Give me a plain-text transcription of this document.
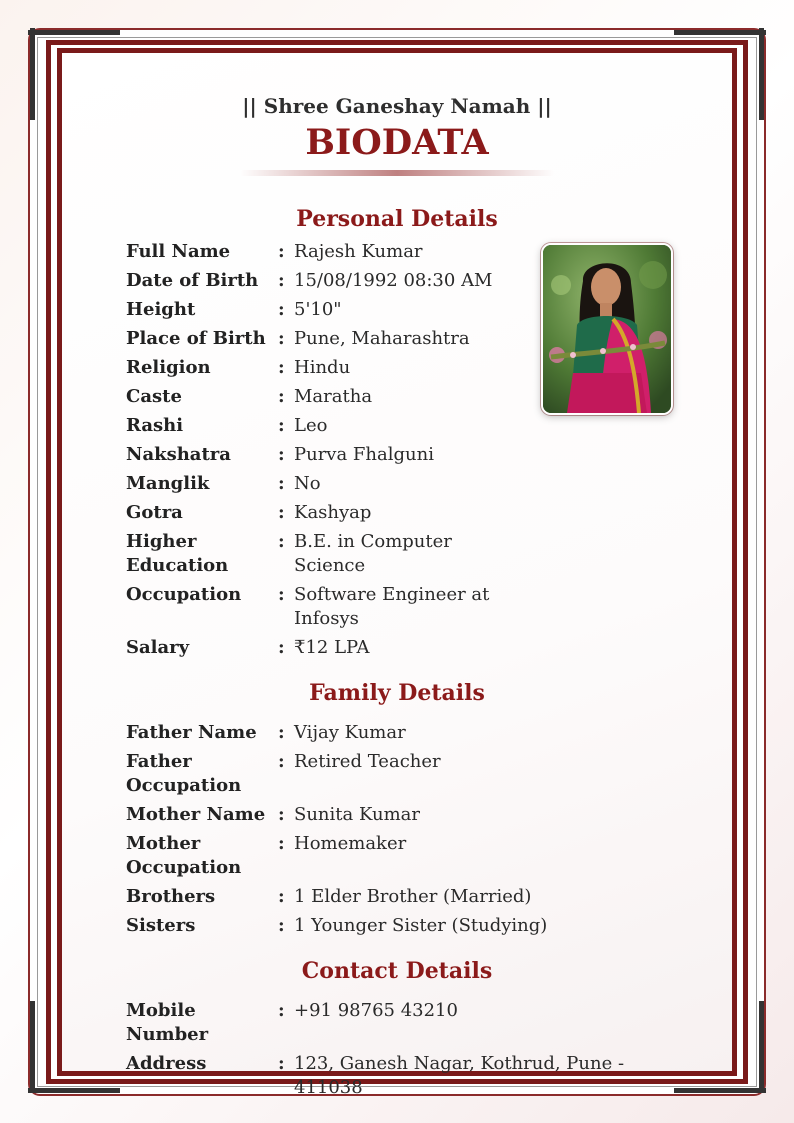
|| Shree Ganeshay Namah ||
BIODATA
Personal Details
Full Name	: Rajesh Kumar
Date of Birth	: 15/08/1992 08:30 AM
Height	: 5'10"
Place of Birth : Pune, Maharashtra
Religion	: Hindu
Caste	: Maratha
Rashi	: Leo
Nakshatra	: Purva Fhalguni
Manglik	: No
Gotra	: Kashyap
Higher Education
: B.E. in Computer Science
Occupation	: Software Engineer at Infosys
Salary	: ₹12 LPA
Family Details
Father Name	: Vijay Kumar
Father Occupation
: Retired Teacher
Mother Name : Sunita Kumar
Mother Occupation
: Homemaker
Brothers	: 1 Elder Brother (Married)
Sisters	: 1 Younger Sister (Studying)
Contact Details
Mobile Number
: +91 98765 43210
Address	: 123, Ganesh Nagar, Kothrud, Pune - 411038
